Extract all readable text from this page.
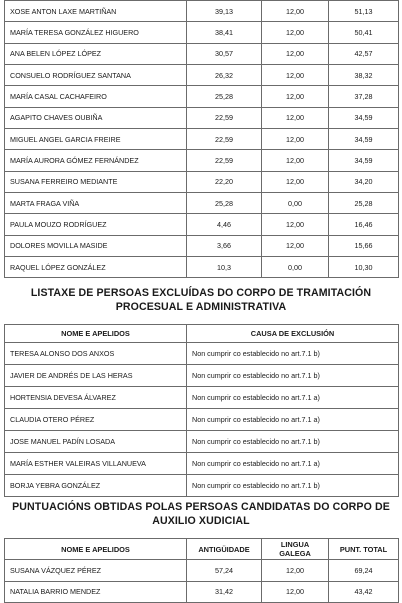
XOSE ANTON LAXE MARTIÑAN	39,13	12,00	51,13
MARÍA TERESA GONZÁLEZ HIGUERO	38,41	12,00	50,41
ANA BELEN LÓPEZ LÓPEZ	30,57	12,00	42,57
CONSUELO RODRÍGUEZ SANTANA	26,32	12,00	38,32
MARÍA CASAL CACHAFEIRO	25,28	12,00	37,28
AGAPITO CHAVES OUBIÑA	22,59	12,00	34,59
MIGUEL ANGEL GARCIA FREIRE	22,59	12,00	34,59
MARÍA AURORA GÓMEZ FERNÁNDEZ	22,59	12,00	34,59
SUSANA FERREIRO MEDIANTE	22,20	12,00	34,20
MARTA FRAGA VIÑA	25,28	0,00	25,28
PAULA MOUZO RODRÍGUEZ	4,46	12,00	16,46
DOLORES MOVILLA MASIDE	3,66	12,00	15,66
RAQUEL LÓPEZ GONZÁLEZ	10,3	0,00	10,30
LISTAXE DE PERSOAS EXCLUÍDAS DO CORPO DE TRAMITACIÓN PROCESUAL E ADMINISTRATIVA
NOME E APELIDOS	CAUSA DE EXCLUSIÓN
TERESA ALONSO DOS ANXOS	Non cumprir co establecido no art.7.1 b)
JAVIER DE ANDRÉS DE LAS HERAS	Non cumprir co establecido no art.7.1 b)
HORTENSIA DEVESA ÁLVAREZ	Non cumprir co establecido no art.7.1 a)
CLAUDIA OTERO PÉREZ	Non cumprir co establecido no art.7.1 a)
JOSE MANUEL PADÍN LOSADA	Non cumprir co establecido no art.7.1 b)
MARÍA ESTHER VALEIRAS VILLANUEVA	Non cumprir co establecido no art.7.1 a)
BORJA YEBRA GONZÁLEZ	Non cumprir co establecido no art.7.1 b)
PUNTUACIÓNS OBTIDAS POLAS PERSOAS CANDIDATAS DO CORPO DE AUXILIO XUDICIAL
NOME E APELIDOS	ANTIGÜIDADE	LINGUA GALEGA	PUNT. TOTAL
SUSANA VÁZQUEZ PÉREZ	57,24	12,00	69,24
NATALIA BARRIO MENDEZ	31,42	12,00	43,42
